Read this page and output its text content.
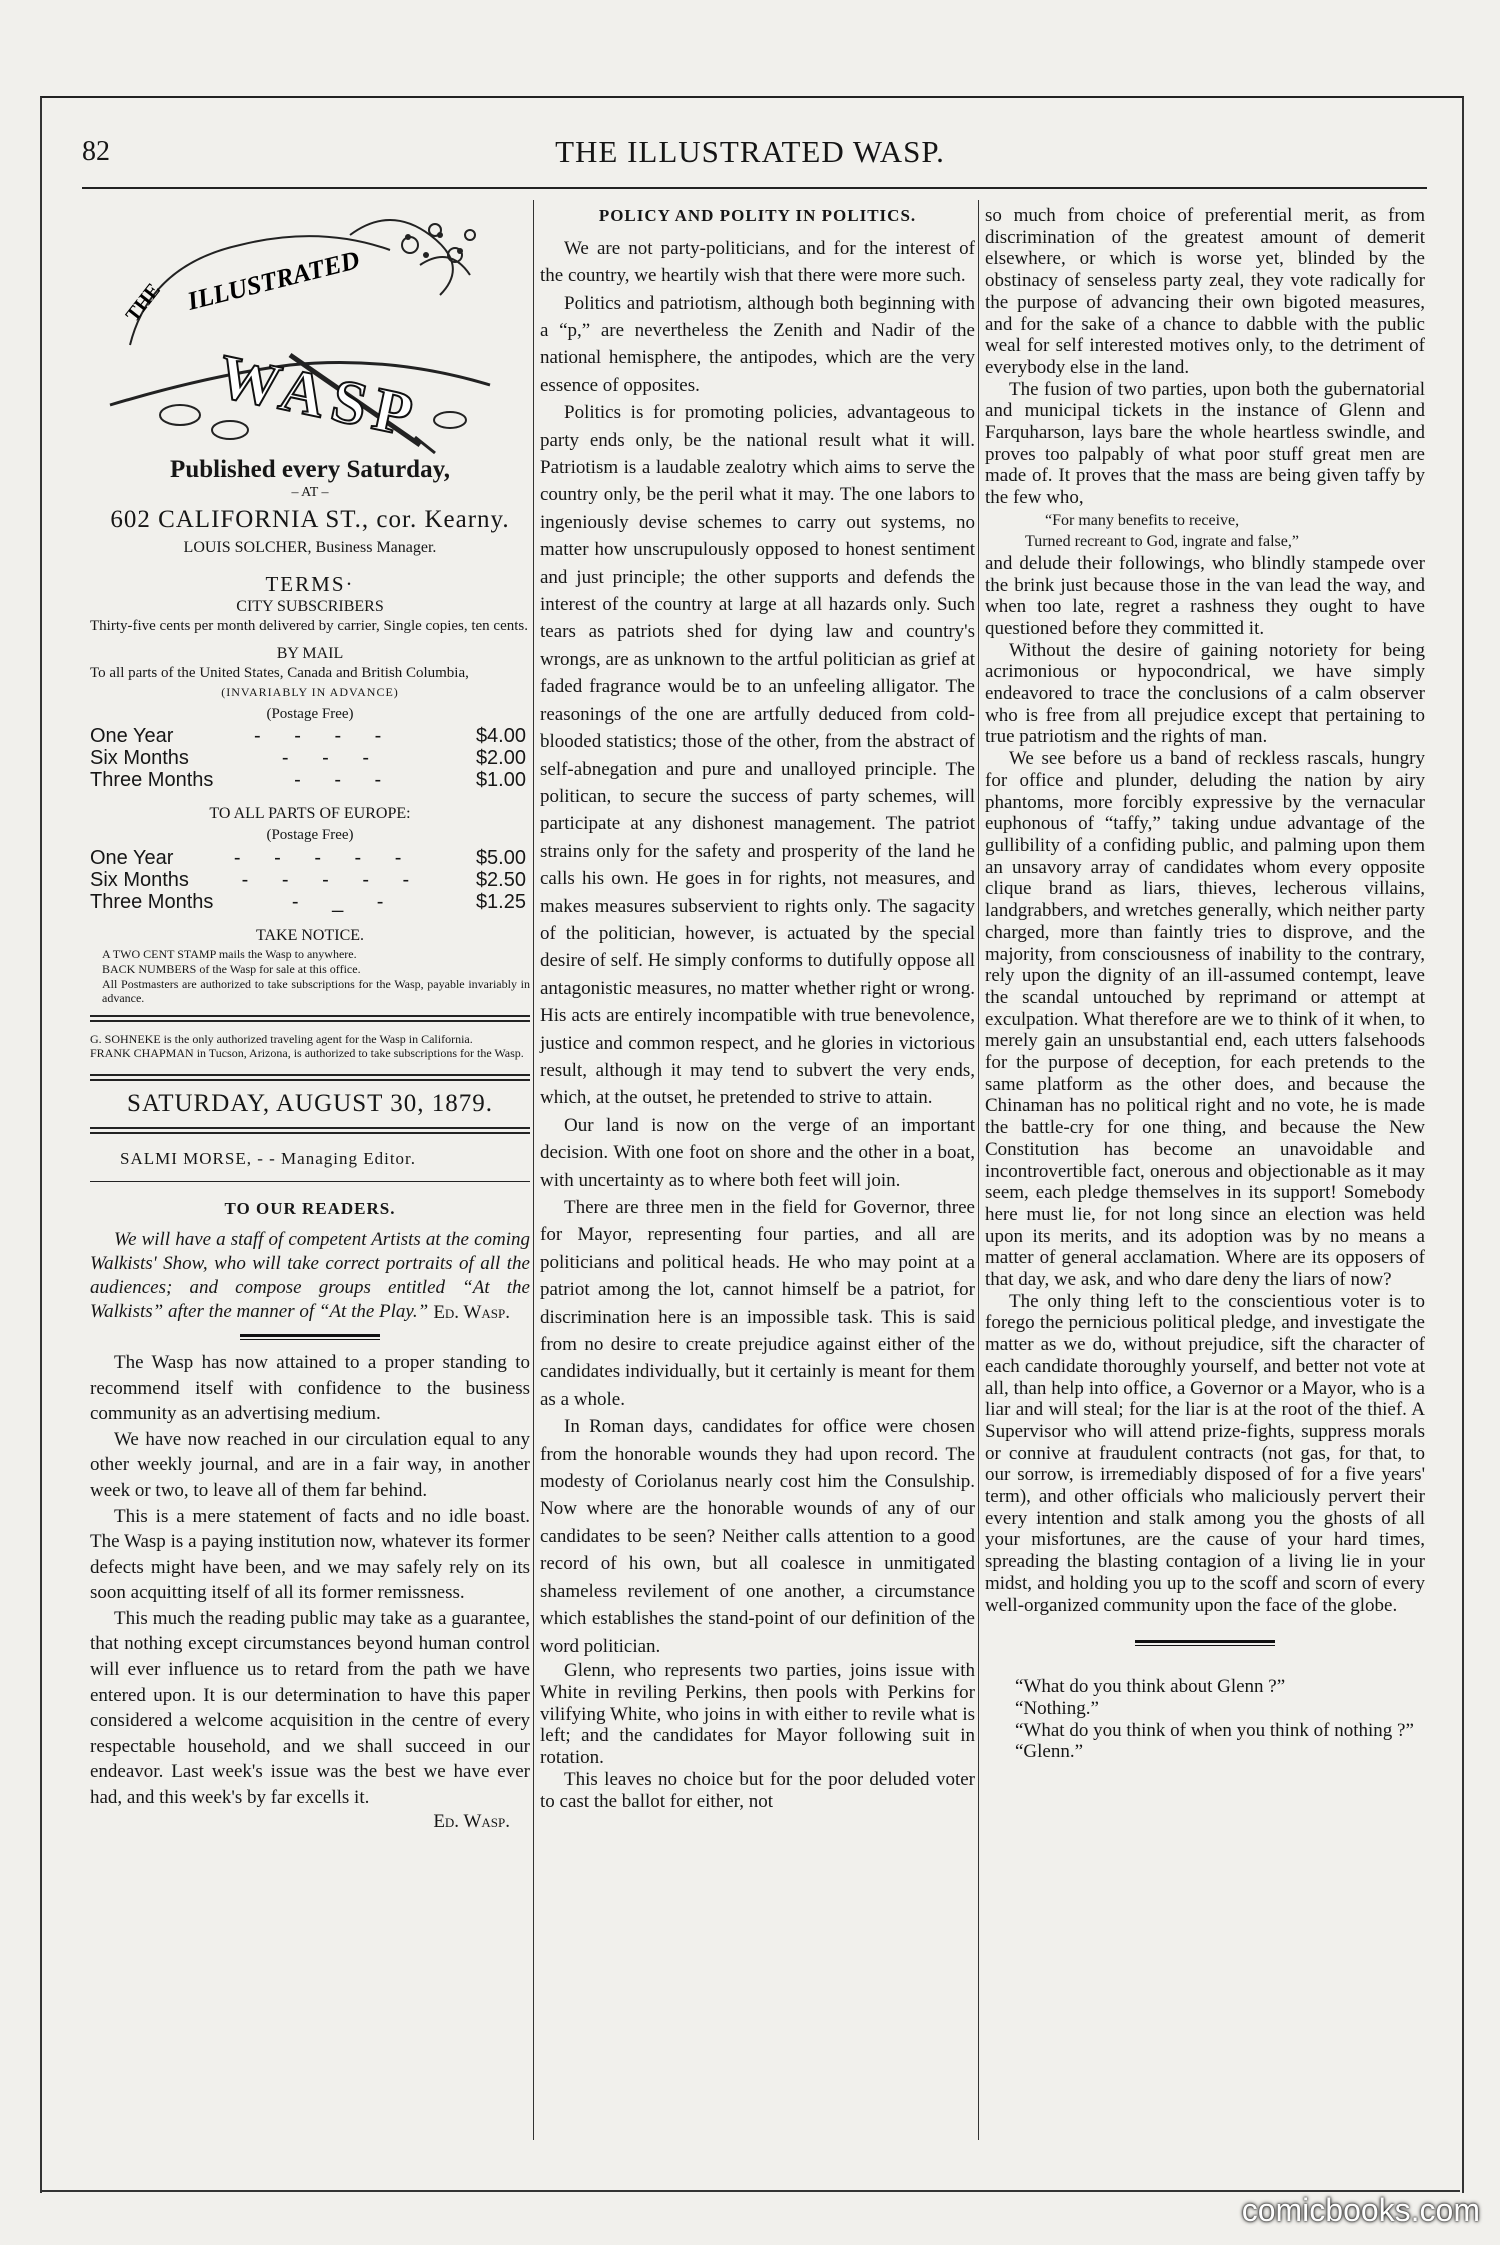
82	THE ILLUSTRATED WASP.
THE ILLUSTRATED
WASP
Published every Saturday,
– AT –
602 CALIFORNIA ST., cor. Kearny.
LOUIS SOLCHER, Business Manager.
TERMS·
CITY SUBSCRIBERS
Thirty-five cents per month delivered by carrier, Single copies, ten cents.
BY MAIL
To all parts of the United States, Canada and British Columbia,
(INVARIABLY IN ADVANCE)
(Postage Free)
One Year	- - - -	$4.00
Six Months	- - -	$2.00
Three Months	- - -	$1.00
TO ALL PARTS OF EUROPE:
(Postage Free)
One Year	- - - - -	$5.00
Six Months	- - - - -	$2.50
Three Months	- _ -	$1.25
TAKE NOTICE.
A TWO CENT STAMP mails the Wasp to anywhere.
BACK NUMBERS of the Wasp for sale at this office.
All Postmasters are authorized to take subscriptions for the Wasp, payable invariably in advance.
G. SOHNEKE is the only authorized traveling agent for the Wasp in California.
FRANK CHAPMAN in Tucson, Arizona, is authorized to take subscriptions for the Wasp.
SATURDAY, AUGUST 30, 1879.
SALMI MORSE, - - Managing Editor.
TO OUR READERS.

We will have a staff of competent Artists at the coming Walkists' Show, who will take correct portraits of all the audiences; and compose groups entitled “At the Walkists” after the manner of “At the Play.” Ed. Wasp.

The Wasp has now attained to a proper standing to recommend itself with confidence to the business community as an advertising medium.

We have now reached in our circulation equal to any other weekly journal, and are in a fair way, in another week or two, to leave all of them far behind.

This is a mere statement of facts and no idle boast. The Wasp is a paying institution now, whatever its former defects might have been, and we may safely rely on its soon acquitting itself of all its former remissness.

This much the reading public may take as a guarantee, that nothing except circumstances beyond human control will ever influence us to retard from the path we have entered upon. It is our determination to have this paper considered a welcome acquisition in the centre of every respectable household, and we shall succeed in our endeavor. Last week's issue was the best we have ever had, and this week's by far excells it.

Ed. Wasp.
POLICY AND POLITY IN POLITICS.

We are not party-politicians, and for the interest of the country, we heartily wish that there were more such.

Politics and patriotism, although both beginning with a “p,” are nevertheless the Zenith and Nadir of the national hemisphere, the antipodes, which are the very essence of opposites.

Politics is for promoting policies, advantageous to party ends only, be the national result what it will. Patriotism is a laudable zealotry which aims to serve the country only, be the peril what it may. The one labors to ingeniously devise schemes to carry out systems, no matter how unscrupulously opposed to honest sentiment and just principle; the other supports and defends the interest of the country at large at all hazards only. Such tears as patriots shed for dying law and country's wrongs, are as unknown to the artful politician as grief at faded fragrance would be to an unfeeling alligator. The reasonings of the one are artfully deduced from cold-blooded statistics; those of the other, from the abstract of self-abnegation and pure and unalloyed principle. The politican, to secure the success of party schemes, will participate at any dishonest management. The patriot strains only for the safety and prosperity of the land he calls his own. He goes in for rights, not measures, and makes measures subservient to rights only. The sagacity of the politician, however, is actuated by the special desire of self. He simply conforms to dutifully oppose all antagonistic measures, no matter whether right or wrong. His acts are entirely incompatible with true benevolence, justice and common respect, and he glories in victorious result, although it may tend to subvert the very ends, which, at the outset, he pretended to strive to attain.

Our land is now on the verge of an important decision. With one foot on shore and the other in a boat, with uncertainty as to where both feet will join.

There are three men in the field for Governor, three for Mayor, representing four parties, and all are politicians and political heads. He who may point at a patriot among the lot, cannot himself be a patriot, for discrimination here is an impossible task. This is said from no desire to create prejudice against either of the candidates individually, but it certainly is meant for them as a whole.

In Roman days, candidates for office were chosen from the honorable wounds they had upon record. The modesty of Coriolanus nearly cost him the Consulship. Now where are the honorable wounds of any of our candidates to be seen? Neither calls attention to a good record of his own, but all coalesce in unmitigated shameless revilement of one another, a circumstance which establishes the stand-point of our definition of the word politician.

Glenn, who represents two parties, joins issue with White in reviling Perkins, then pools with Perkins for vilifying White, who joins in with either to revile what is left; and the candidates for Mayor following suit in rotation.

This leaves no choice but for the poor deluded voter to cast the ballot for either, not

so much from choice of preferential merit, as from discrimination of the greatest amount of demerit elsewhere, or which is worse yet, blinded by the obstinacy of senseless party zeal, they vote radically for the purpose of advancing their own bigoted measures, and for the sake of a chance to dabble with the public weal for self interested motives only, to the detriment of everybody else in the land.

The fusion of two parties, upon both the gubernatorial and municipal tickets in the instance of Glenn and Farquharson, lays bare the whole heartless swindle, and proves too palpably of what poor stuff great men are made of. It proves that the mass are being given taffy by the few who,

“For many benefits to receive,
Turned recreant to God, ingrate and false,”

and delude their followings, who blindly stampede over the brink just because those in the van lead the way, and when too late, regret a rashness they ought to have questioned before they committed it.

Without the desire of gaining notoriety for being acrimonious or hypocondrical, we have simply endeavored to trace the conclusions of a calm observer who is free from all prejudice except that pertaining to true patriotism and the rights of man.

We see before us a band of reckless rascals, hungry for office and plunder, deluding the nation by airy phantoms, more forcibly expressive by the vernacular euphonous of “taffy,” taking undue advantage of the gullibility of a confiding public, and palming upon them an unsavory array of candidates whom every opposite clique brand as liars, thieves, lecherous villains, landgrabbers, and wretches generally, which neither party charged, more than faintly tries to disprove, and the majority, from consciousness of inability to the contrary, rely upon the dignity of an ill-assumed contempt, leave the scandal untouched by reprimand or attempt at exculpation. What therefore are we to think of it when, to merely gain an unsubstantial end, each utters falsehoods for the purpose of deception, for each pretends to the same platform as the other does, and because the Chinaman has no political right and no vote, he is made the battle-cry for one thing, and because the New Constitution has become an unavoidable and incontrovertible fact, onerous and objectionable as it may seem, each pledge themselves in its support! Somebody here must lie, for not long since an election was held upon its merits, and its adoption was by no means a matter of general acclamation. Where are its opposers of that day, we ask, and who dare deny the liars of now?

The only thing left to the conscientious voter is to forego the pernicious political pledge, and investigate the matter as we do, without prejudice, sift the character of each candidate thoroughly yourself, and better not vote at all, than help into office, a Governor or a Mayor, who is a liar and will steal; for the liar is at the root of the thief. A Supervisor who will attend prize-fights, suppress morals or connive at fraudulent contracts (not gas, for that, to our sorrow, is irremediably disposed of for a five years' term), and other officials who maliciously pervert their every intention and stalk among you the ghosts of all your misfortunes, are the cause of your hard times, spreading the blasting contagion of a living lie in your midst, and holding you up to the scoff and scorn of every well-organized community upon the face of the globe.

“What do you think about Glenn ?”

“Nothing.”

“What do you think of when you think of nothing ?”

“Glenn.”

comicbooks.com
